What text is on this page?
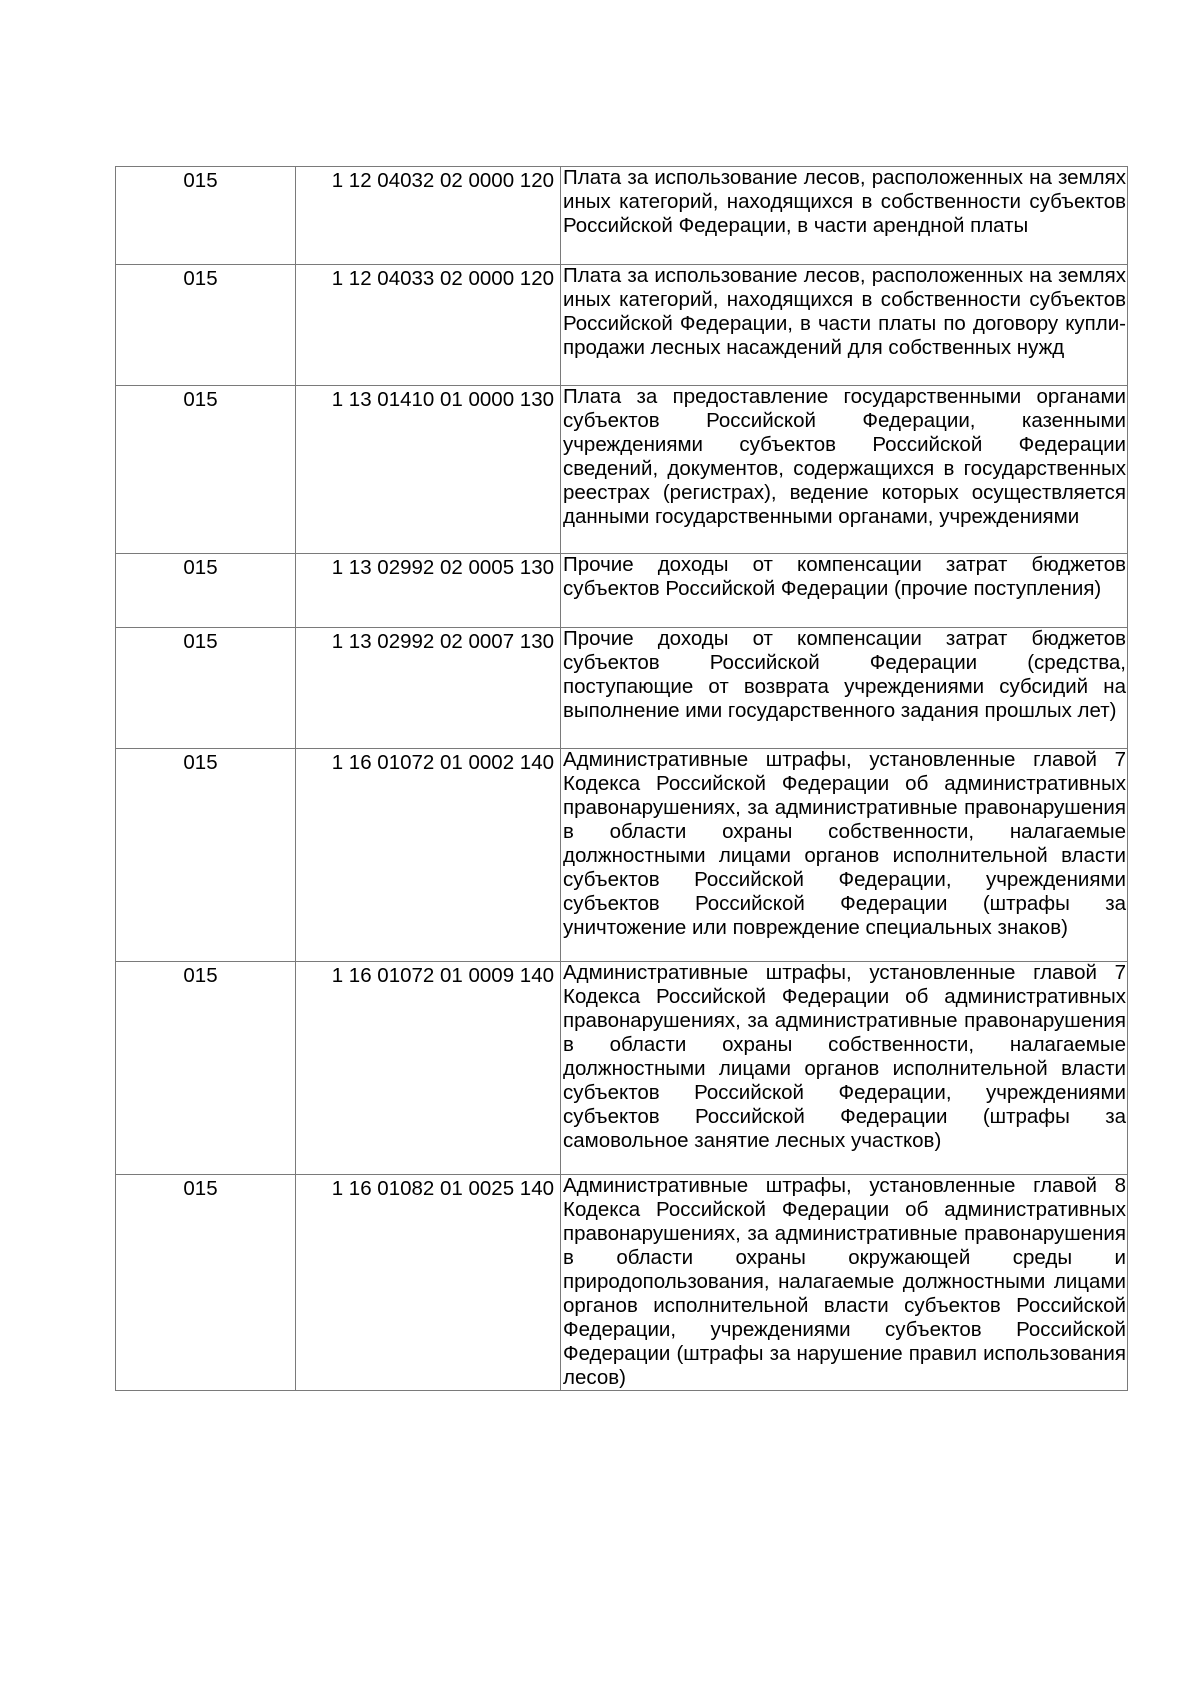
015	1 12 04032 02 0000 120	Плата за использование лесов, расположенных на землях иных категорий, находящихся в собственности субъектов Российской Федерации, в части арендной платы

015	1 12 04033 02 0000 120	Плата за использование лесов, расположенных на землях иных категорий, находящихся в собственности субъектов Российской Федерации, в части платы по договору купли-продажи лесных насаждений для собственных нужд

015	1 13 01410 01 0000 130	Плата за предоставление государственными органами субъектов Российской Федерации, казенными учреждениями субъектов Российской Федерации сведений, документов, содержащихся в государственных реестрах (регистрах), ведение которых осуществляется данными государственными органами, учреждениями

015	1 13 02992 02 0005 130	Прочие доходы от компенсации затрат бюджетов субъектов Российской Федерации (прочие поступления)

015	1 13 02992 02 0007 130	Прочие доходы от компенсации затрат бюджетов субъектов Российской Федерации (средства, поступающие от возврата учреждениями субсидий на выполнение ими государственного задания прошлых лет)

015	1 16 01072 01 0002 140	Административные штрафы, установленные главой 7 Кодекса Российской Федерации об административных правонарушениях, за административные правонарушения в области охраны собственности, налагаемые должностными лицами органов исполнительной власти субъектов Российской Федерации, учреждениями субъектов Российской Федерации (штрафы за уничтожение или повреждение специальных знаков)

015	1 16 01072 01 0009 140	Административные штрафы, установленные главой 7 Кодекса Российской Федерации об административных правонарушениях, за административные правонарушения в области охраны собственности, налагаемые должностными лицами органов исполнительной власти субъектов Российской Федерации, учреждениями субъектов Российской Федерации (штрафы за самовольное занятие лесных участков)

015	1 16 01082 01 0025 140	Административные штрафы, установленные главой 8 Кодекса Российской Федерации об административных правонарушениях, за административные правонарушения в области охраны окружающей среды и природопользования, налагаемые должностными лицами органов исполнительной власти субъектов Российской Федерации, учреждениями субъектов Российской Федерации (штрафы за нарушение правил использования лесов)
